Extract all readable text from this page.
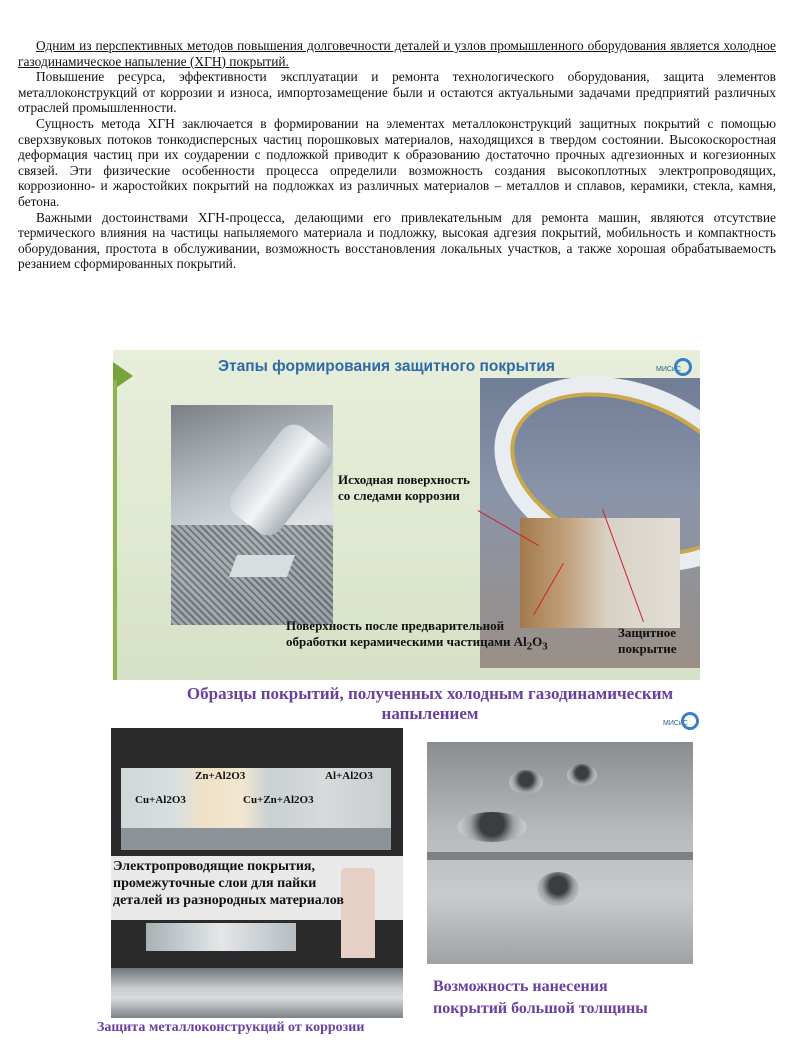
Одним из перспективных методов повышения долговечности деталей и узлов промышленного оборудования является холодное газодинамическое напыление (ХГН) покрытий.

Повышение ресурса, эффективности эксплуатации и ремонта технологического оборудования, защита элементов металлоконструкций от коррозии и износа, импортозамещение были и остаются актуальными задачами предприятий различных отраслей промышленности.

Сущность метода ХГН заключается в формировании на элементах металлоконструкций защитных покрытий с помощью сверхзвуковых потоков тонкодисперсных частиц порошковых материалов, находящихся в твердом состоянии. Высокоскоростная деформация частиц при их соударении с подложкой приводит к образованию достаточно прочных адгезионных и когезионных связей. Эти физические особенности процесса определили возможность создания высокоплотных электропроводящих, коррозионно- и жаростойких покрытий на подложках из различных материалов – металлов и сплавов, керамики, стекла, камня, бетона.

Важными достоинствами ХГН-процесса, делающими его привлекательным для ремонта машин, являются отсутствие термического влияния на частицы напыляемого материала и подложку, высокая адгезия покрытий, мобильность и компактность оборудования, простота в обслуживании, возможность восстановления локальных участков, а также хорошая обрабатываемость резанием сформированных покрытий.

Этапы формирования защитного покрытия	МИСиС
Исходная поверхность
со следами коррозии
Поверхность после предварительной
обработки керамическими частицами $Al_2O_3$
Защитное
покрытие
Образцы покрытий, полученных холодным газодинамическим напылением
МИСиС
Zn+Al2O3	Al+Al2O3
Cu+Al2O3	Cu+Zn+Al2O3
Электропроводящие покрытия,
промежуточные слои для пайки
деталей из разнородных материалов
Защита металлоконструкций от коррозии
Возможность нанесения
покрытий большой толщины
